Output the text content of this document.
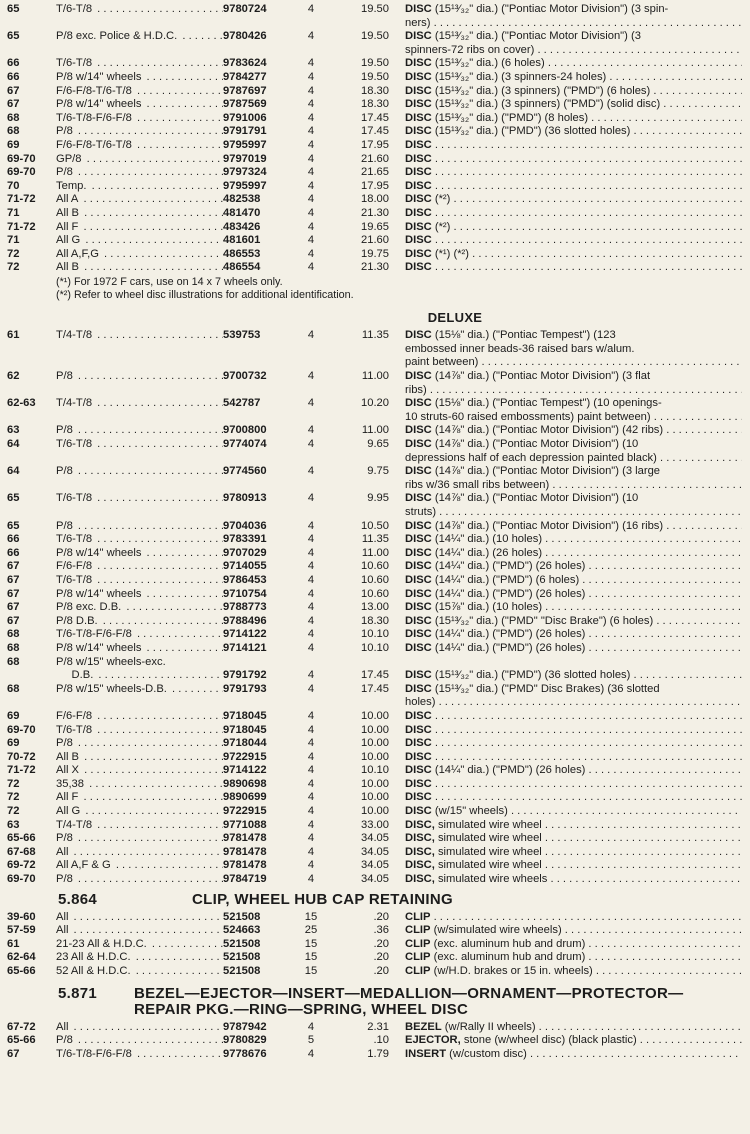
65	T/6-T/8 . . .	9780724	4	19.50	DISC (15¹³⁄₃₂" dia.) ("Pontiac Motor Division") (3 spin-
ners) . . .
65	P/8 exc. Police & H.D.C. . . .	9780426	4	19.50	DISC (15¹³⁄₃₂" dia.) ("Pontiac Motor Division") (3
spinners-72 ribs on cover) . . .
66	T/6-T/8 . . .	9783624	4	19.50	DISC (15¹³⁄₃₂" dia.) (6 holes) . . .
66	P/8 w/14" wheels . . .	9784277	4	19.50	DISC (15¹³⁄₃₂" dia.) (3 spinners-24 holes) . . .
67	F/6-F/8-T/6-T/8 . . .	9787697	4	18.30	DISC (15¹³⁄₃₂" dia.) (3 spinners) ("PMD") (6 holes) . . .
67	P/8 w/14" wheels . . .	9787569	4	18.30	DISC (15¹³⁄₃₂" dia.) (3 spinners) ("PMD") (solid disc) . . .
68	T/6-T/8-F/6-F/8 . . .	9791006	4	17.45	DISC (15¹³⁄₃₂" dia.) ("PMD") (8 holes) . . .
68	P/8 . . .	9791791	4	17.45	DISC (15¹³⁄₃₂" dia.) ("PMD") (36 slotted holes) . . .
69	F/6-F/8-T/6-T/8 . . .	9795997	4	17.95	DISC . . .
69-70	GP/8 . . .	9797019	4	21.60	DISC . . .
69-70	P/8 . . .	9797324	4	21.65	DISC . . .
70	Temp. . . .	9795997	4	17.95	DISC . . .
71-72	All A . . .	482538	4	18.00	DISC (*²) . . .
71	All B . . .	481470	4	21.30	DISC . . .
71-72	All F . . .	483426	4	19.65	DISC (*²) . . .
71	All G . . .	481601	4	21.60	DISC . . .
72	All A,F,G . . .	486553	4	19.75	DISC (*¹) (*²) . . .
72	All B . . .	486554	4	21.30	DISC . . .
(*¹) For 1972 F cars, use on 14 x 7 wheels only.
(*²) Refer to wheel disc illustrations for additional identification.
DELUXE
61	T/4-T/8 . . .	539753	4	11.35	DISC (15⅛" dia.) ("Pontiac Tempest") (123
embossed inner beads-36 raised bars w/alum.
paint between) . . .
62	P/8 . . .	9700732	4	11.00	DISC (14⅞" dia.) ("Pontiac Motor Division") (3 flat
ribs) . . .
62-63	T/4-T/8 . . .	542787	4	10.20	DISC (15⅛" dia.) ("Pontiac Tempest") (10 openings-
10 struts-60 raised embossments) paint between) . . .
63	P/8 . . .	9700800	4	11.00	DISC (14⅞" dia.) ("Pontiac Motor Division") (42 ribs) . . .
64	T/6-T/8 . . .	9774074	4	9.65	DISC (14⅞" dia.) ("Pontiac Motor Division") (10
depressions half of each depression painted black) . . .
64	P/8 . . .	9774560	4	9.75	DISC (14⅞" dia.) ("Pontiac Motor Division") (3 large
ribs w/36 small ribs between) . . .
65	T/6-T/8 . . .	9780913	4	9.95	DISC (14⅞" dia.) ("Pontiac Motor Division") (10
struts) . . .
65	P/8 . . .	9704036	4	10.50	DISC (14⅞" dia.) ("Pontiac Motor Division") (16 ribs) . . .
66	T/6-T/8 . . .	9783391	4	11.35	DISC (14¼" dia.) (10 holes) . . .
66	P/8 w/14" wheels . . .	9707029	4	11.00	DISC (14¼" dia.) (26 holes) . . .
67	F/6-F/8 . . .	9714055	4	10.60	DISC (14¼" dia.) ("PMD") (26 holes) . . .
67	T/6-T/8 . . .	9786453	4	10.60	DISC (14¼" dia.) ("PMD") (6 holes) . . .
67	P/8 w/14" wheels . . .	9710754	4	10.60	DISC (14¼" dia.) ("PMD") (26 holes) . . .
67	P/8 exc. D.B. . . .	9788773	4	13.00	DISC (15⅞" dia.) (10 holes) . . .
67	P/8 D.B. . . .	9788496	4	18.30	DISC (15¹³⁄₃₂" dia.) ("PMD" "Disc Brake") (6 holes) . . .
68	T/6-T/8-F/6-F/8 . . .	9714122	4	10.10	DISC (14¼" dia.) ("PMD") (26 holes) . . .
68	P/8 w/14" wheels . . .	9714121	4	10.10	DISC (14¼" dia.) ("PMD") (26 holes) . . .
68	P/8 w/15" wheels-exc.
D.B. . . .	9791792	4	17.45	DISC (15¹³⁄₃₂" dia.) ("PMD") (36 slotted holes) . . .
68	P/8 w/15" wheels-D.B. . . .	9791793	4	17.45	DISC (15¹³⁄₃₂" dia.) ("PMD" Disc Brakes) (36 slotted
holes) . . .
69	F/6-F/8 . . .	9718045	4	10.00	DISC . . .
69-70	T/6-T/8 . . .	9718045	4	10.00	DISC . . .
69	P/8 . . .	9718044	4	10.00	DISC . . .
70-72	All B . . .	9722915	4	10.00	DISC . . .
71-72	All X . . .	9714122	4	10.10	DISC (14¼" dia.) ("PMD") (26 holes) . . .
72	35,38 . . .	9890698	4	10.00	DISC . . .
72	All F . . .	9890699	4	10.00	DISC . . .
72	All G . . .	9722915	4	10.00	DISC (w/15" wheels) . . .
63	T/4-T/8 . . .	9771088	4	33.00	DISC, simulated wire wheel . . .
65-66	P/8 . . .	9781478	4	34.05	DISC, simulated wire wheel . . .
67-68	All . . .	9781478	4	34.05	DISC, simulated wire wheel . . .
69-72	All A,F & G . . .	9781478	4	34.05	DISC, simulated wire wheel . . .
69-70	P/8 . . .	9784719	4	34.05	DISC, simulated wire wheels . . .
5.864	CLIP, WHEEL HUB CAP RETAINING
39-60	All . . .	521508	15	.20	CLIP . . .
57-59	All . . .	524663	25	.36	CLIP (w/simulated wire wheels) . . .
61	21-23 All & H.D.C. . . .	521508	15	.20	CLIP (exc. aluminum hub and drum) . . .
62-64	23 All & H.D.C. . . .	521508	15	.20	CLIP (exc. aluminum hub and drum) . . .
65-66	52 All & H.D.C. . . .	521508	15	.20	CLIP (w/H.D. brakes or 15 in. wheels) . . .
5.871	BEZEL—EJECTOR—INSERT—MEDALLION—ORNAMENT—PROTECTOR—
REPAIR PKG.—RING—SPRING, WHEEL DISC
67-72	All . . .	9787942	4	2.31	BEZEL (w/Rally II wheels) . . .
65-66	P/8 . . .	9780829	5	.10	EJECTOR, stone (w/wheel disc) (black plastic) . . .
67	T/6-T/8-F/6-F/8 . . .	9778676	4	1.79	INSERT (w/custom disc) . . .
